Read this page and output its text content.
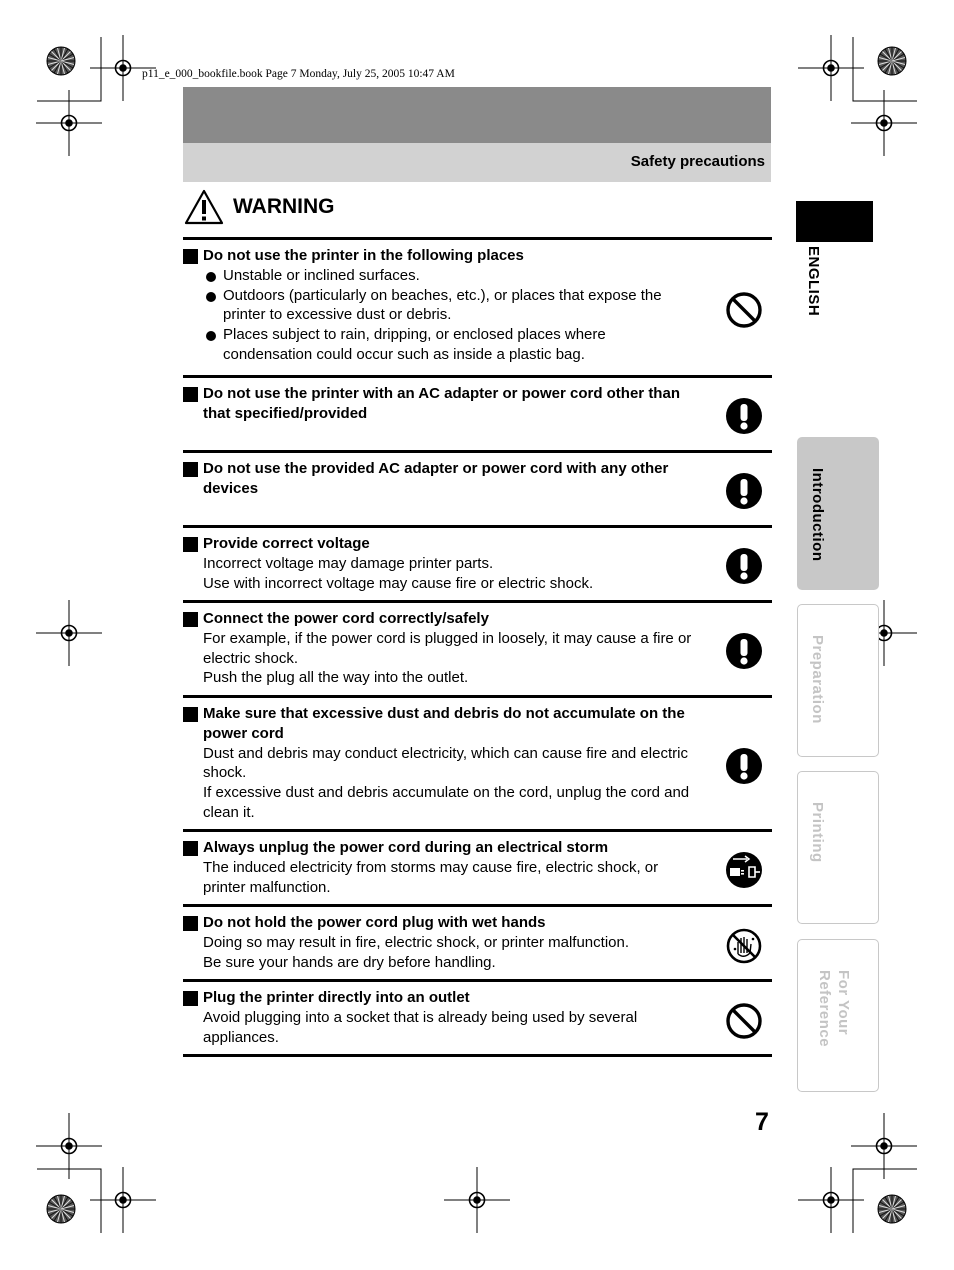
p11_e_000_bookfile.book Page 7 Monday, July 25, 2005 10:47 AM
Safety precautions
WARNING
Do not use the printer in the following places
Unstable or inclined surfaces.
Outdoors (particularly on beaches, etc.), or places that expose the printer to excessive dust or debris.
Places subject to rain, dripping, or enclosed places where condensation could occur such as inside a plastic bag.
Do not use the printer with an AC adapter or power cord other than that specified/provided
Do not use the provided AC adapter or power cord with any other devices
Provide correct voltage
Incorrect voltage may damage printer parts.
Use with incorrect voltage may cause fire or electric shock.
Connect the power cord correctly/safely
For example, if the power cord is plugged in loosely, it may cause a fire or electric shock.
Push the plug all the way into the outlet.
Make sure that excessive dust and debris do not accumulate on the power cord
Dust and debris may conduct electricity, which can cause fire and electric shock.
If excessive dust and debris accumulate on the cord, unplug the cord and clean it.
Always unplug the power cord during an electrical storm
The induced electricity from storms may cause fire, electric shock, or printer malfunction.
Do not hold the power cord plug with wet hands
Doing so may result in fire, electric shock, or printer malfunction.
Be sure your hands are dry before handling.
Plug the printer directly into an outlet
Avoid plugging into a socket that is already being used by several appliances.
ENGLISH
Introduction
Preparation
Printing
For Your Reference
7
